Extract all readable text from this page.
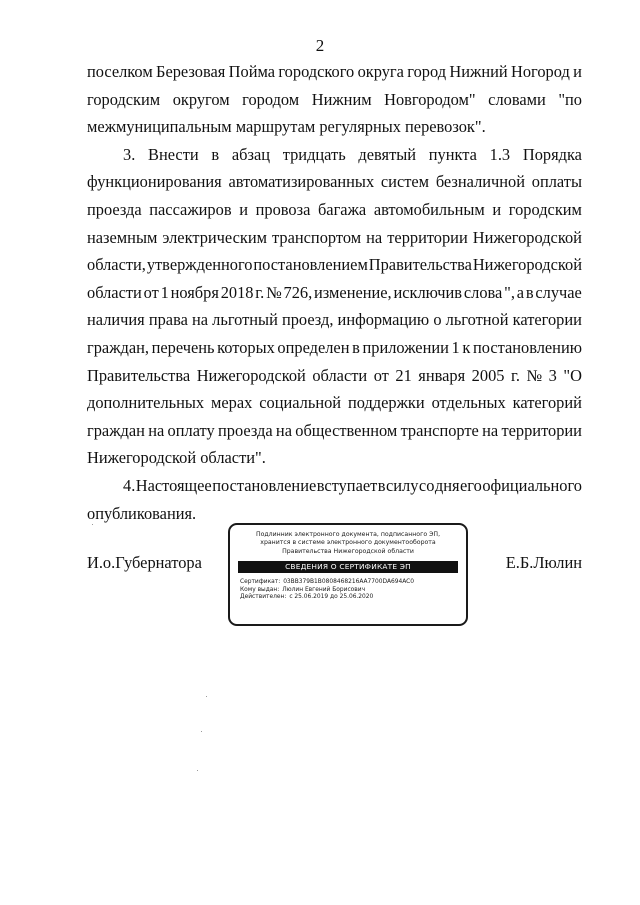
2
поселком Березовая Пойма городского округа город Нижний Ногород и
городским округом городом Нижним Новгородом" словами "по
межмуниципальным маршрутам регулярных перевозок".
3. Внести в абзац тридцать девятый пункта 1.3 Порядка
функционирования автоматизированных систем безналичной оплаты
проезда пассажиров и провоза багажа автомобильным и городским
наземным электрическим транспортом на территории Нижегородской
области, утвержденного постановлением Правительства Нижегородской
области от 1 ноября 2018 г. № 726, изменение, исключив слова ", а в случае
наличия права на льготный проезд, информацию о льготной категории
граждан, перечень которых определен в приложении 1 к постановлению
Правительства Нижегородской области от 21 января 2005 г. № 3 "О
дополнительных мерах социальной поддержки отдельных категорий
граждан на оплату проезда на общественном транспорте на территории
Нижегородской области".
4. Настоящее постановление вступает в силу со дня его официального
опубликования.
И.о.Губернатора	Е.Б.Люлин
Подлинник электронного документа, подписанного ЭП,
хранится в системе электронного документооборота
Правительства Нижегородской области
СВЕДЕНИЯ О СЕРТИФИКАТЕ ЭП
Сертификат: 03BB379B1B0808468216AA7700DA694AC0
Кому выдан: Люлин Евгений Борисович
Действителен: с 25.06.2019 до 25.06.2020
